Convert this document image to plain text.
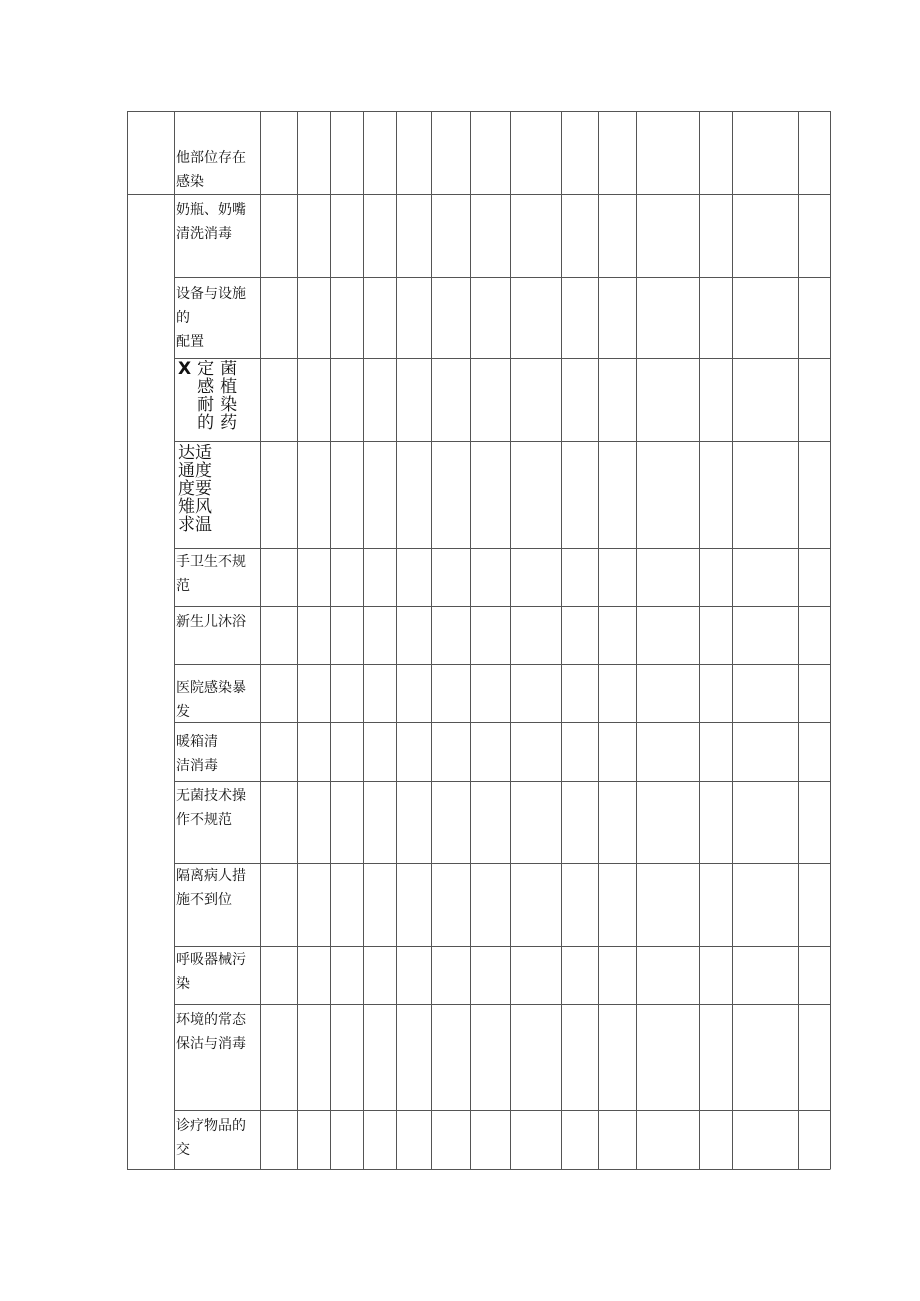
他部位存在
感染
奶瓶、奶嘴
清洗消毒
设备与设施
的
配置
X 定
感
耐
的
菌
植
染
药
达适
通度
度要
雉风
求温
手卫生不规
范
新生儿沐浴
医院感染暴
发
暖箱清
洁消毒
无菌技术操
作不规范
隔离病人措
施不到位
呼吸器械污
染
环境的常态
保沽与消毒
诊疗物品的
交
